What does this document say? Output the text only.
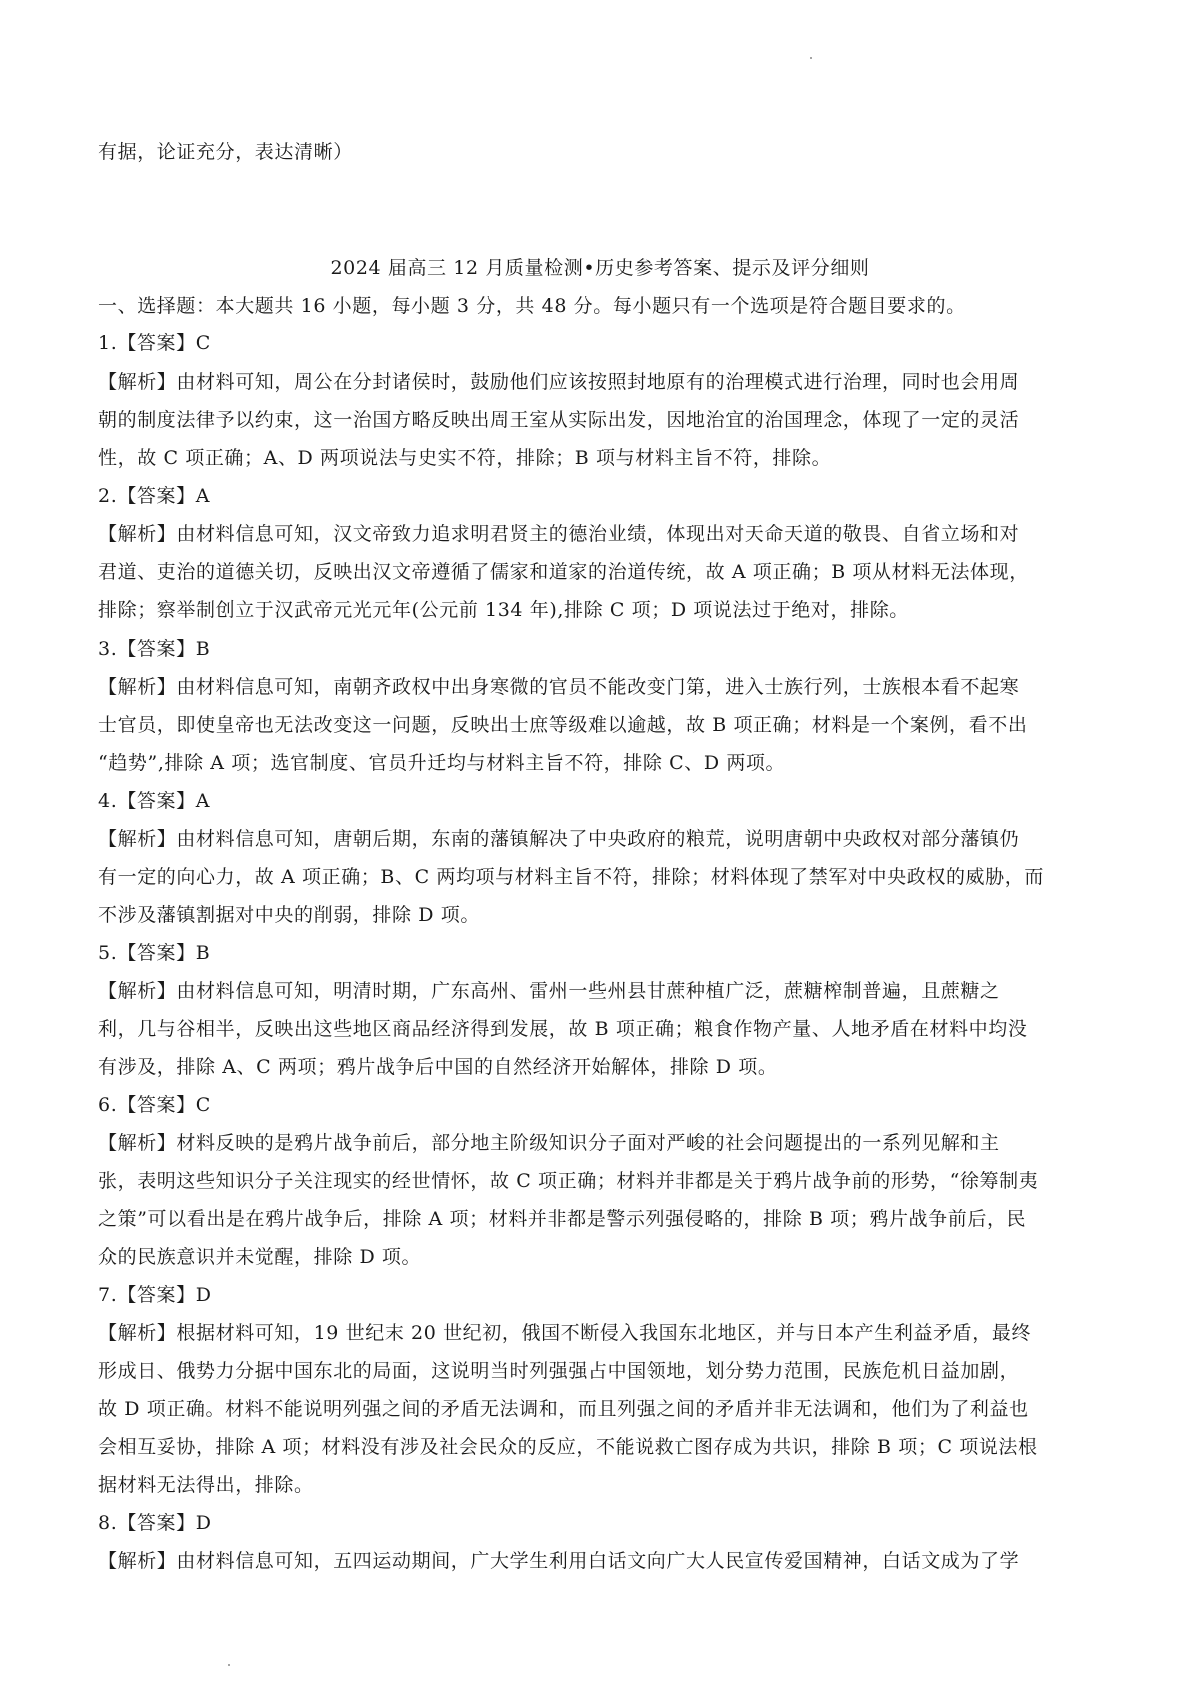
有据，论证充分，表达清晰）
2024 届高三 12 月质量检测•历史参考答案、提示及评分细则
一、选择题：本大题共 16 小题，每小题 3 分，共 48 分。每小题只有一个选项是符合题目要求的。
1.【答案】C
【解析】由材料可知，周公在分封诸侯时，鼓励他们应该按照封地原有的治理模式进行治理，同时也会用周
朝的制度法律予以约束，这一治国方略反映出周王室从实际出发，因地治宜的治国理念，体现了一定的灵活
性，故 C 项正确；A、D 两项说法与史实不符，排除；B 项与材料主旨不符，排除。
2.【答案】A
【解析】由材料信息可知，汉文帝致力追求明君贤主的德治业绩，体现出对天命天道的敬畏、自省立场和对
君道、吏治的道德关切，反映出汉文帝遵循了儒家和道家的治道传统，故 A 项正确；B 项从材料无法体现，
排除；察举制创立于汉武帝元光元年(公元前 134 年),排除 C 项；D 项说法过于绝对，排除。
3.【答案】B
【解析】由材料信息可知，南朝齐政权中出身寒微的官员不能改变门第，进入士族行列，士族根本看不起寒
士官员，即使皇帝也无法改变这一问题，反映出士庶等级难以逾越，故 B 项正确；材料是一个案例，看不出
“趋势”,排除 A 项；选官制度、官员升迁均与材料主旨不符，排除 C、D 两项。
4.【答案】A
【解析】由材料信息可知，唐朝后期，东南的藩镇解决了中央政府的粮荒，说明唐朝中央政权对部分藩镇仍
有一定的向心力，故 A 项正确；B、C 两均项与材料主旨不符，排除；材料体现了禁军对中央政权的威胁，而
不涉及藩镇割据对中央的削弱，排除 D 项。
5.【答案】B
【解析】由材料信息可知，明清时期，广东高州、雷州一些州县甘蔗种植广泛，蔗糖榨制普遍，且蔗糖之
利，几与谷相半，反映出这些地区商品经济得到发展，故 B 项正确；粮食作物产量、人地矛盾在材料中均没
有涉及，排除 A、C 两项；鸦片战争后中国的自然经济开始解体，排除 D 项。
6.【答案】C
【解析】材料反映的是鸦片战争前后，部分地主阶级知识分子面对严峻的社会问题提出的一系列见解和主
张，表明这些知识分子关注现实的经世情怀，故 C 项正确；材料并非都是关于鸦片战争前的形势，“徐筹制夷
之策”可以看出是在鸦片战争后，排除 A 项；材料并非都是警示列强侵略的，排除 B 项；鸦片战争前后，民
众的民族意识并未觉醒，排除 D 项。
7.【答案】D
【解析】根据材料可知，19 世纪末 20 世纪初，俄国不断侵入我国东北地区，并与日本产生利益矛盾，最终
形成日、俄势力分据中国东北的局面，这说明当时列强强占中国领地，划分势力范围，民族危机日益加剧，
故 D 项正确。材料不能说明列强之间的矛盾无法调和，而且列强之间的矛盾并非无法调和，他们为了利益也
会相互妥协，排除 A 项；材料没有涉及社会民众的反应，不能说救亡图存成为共识，排除 B 项；C 项说法根
据材料无法得出，排除。
8.【答案】D
【解析】由材料信息可知，五四运动期间，广大学生利用白话文向广大人民宣传爱国精神，白话文成为了学
